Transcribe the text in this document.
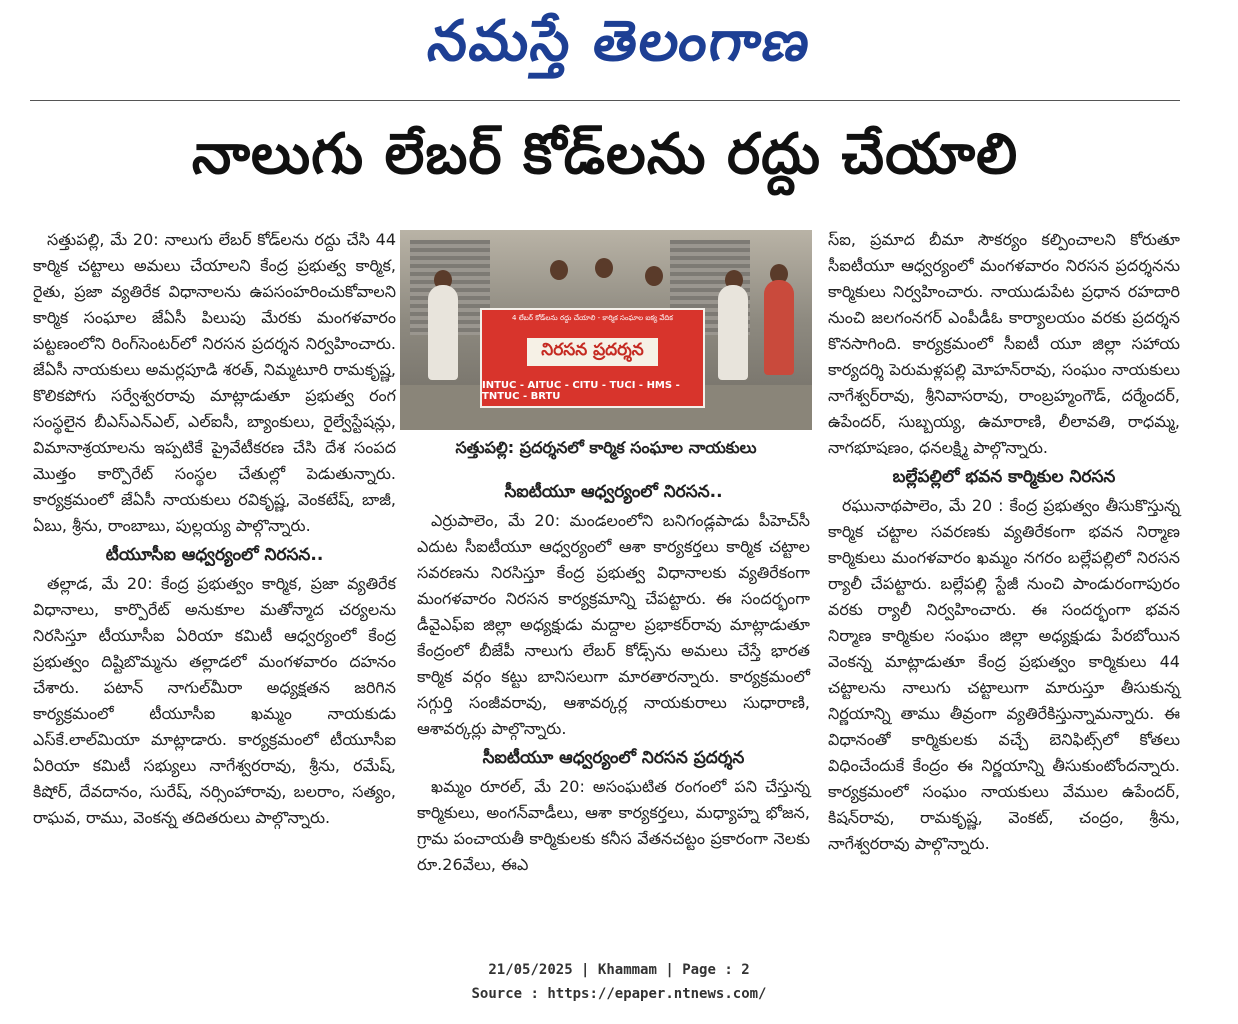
నమస్తే తెలంగాణ
నాలుగు లేబర్ కోడ్‌లను రద్దు చేయాలి

సత్తుపల్లి, మే 20: నాలుగు లేబర్ కోడ్‌లను రద్దు చేసి 44 కార్మిక చట్టాలు అమలు చేయాలని కేంద్ర ప్రభుత్వ కార్మిక, రైతు, ప్రజా వ్యతిరేక విధానాలను ఉపసంహరించుకోవాలని కార్మిక సంఘాల జేఏసీ పిలుపు మేరకు మంగళవారం పట్టణంలోని రింగ్‌సెంటర్‌లో నిరసన ప్రదర్శన నిర్వహించారు. జేఏసీ నాయకులు అమర్లపూడి శరత్, నిమ్మటూరి రామకృష్ణ, కొలికపోగు సర్వేశ్వరరావు మాట్లాడుతూ ప్రభుత్వ రంగ సంస్థలైన బీఎస్ఎన్ఎల్, ఎల్ఐసీ, బ్యాంకులు, రైల్వేస్టేషన్లు, విమానాశ్రయాలను ఇప్పటికే ప్రైవేటీకరణ చేసి దేశ సంపద మొత్తం కార్పొరేట్ సంస్థల చేతుల్లో పెడుతున్నారు. కార్యక్రమంలో జేఏసీ నాయకులు రవికృష్ణ, వెంకటేష్, బాజీ, ఏబు, శ్రీను, రాంబాబు, పుల్లయ్య పాల్గొన్నారు.

టీయూసీఐ ఆధ్వర్యంలో నిరసన..

తల్లాడ, మే 20: కేంద్ర ప్రభుత్వం కార్మిక, ప్రజా వ్యతిరేక విధానాలు, కార్పొరేట్ అనుకూల మతోన్మాద చర్యలను నిరసిస్తూ టీయూసీఐ ఏరియా కమిటీ ఆధ్వర్యంలో కేంద్ర ప్రభుత్వం దిష్టిబొమ్మను తల్లాడలో మంగళవారం దహనం చేశారు. పటాన్ నాగుల్‌మీరా అధ్యక్షతన జరిగిన కార్యక్రమంలో టీయూసీఐ ఖమ్మం నాయకుడు ఎస్‌కే.లాల్‌మియా మాట్లాడారు. కార్యక్రమంలో టీయూసీఐ ఏరియా కమిటీ సభ్యులు నాగేశ్వరరావు, శ్రీను, రమేష్, కిషోర్, దేవదానం, సురేష్, నర్సింహారావు, బలరాం, సత్యం, రాఘవ, రాము, వెంకన్న తదితరులు పాల్గొన్నారు.

4 లేబర్ కోడ్‌లను రద్దు చేయాలి - కార్మిక సంఘాల ఐక్య వేదిక
నిరసన ప్రదర్శన
INTUC - AITUC - CITU - TUCI - HMS - TNTUC - BRTU
సత్తుపల్లి: ప్రదర్శనలో కార్మిక సంఘాల నాయకులు

సీఐటీయూ ఆధ్వర్యంలో నిరసన..

ఎర్రుపాలెం, మే 20: మండలంలోని బనిగండ్లపాడు పీహెచ్‌సీ ఎదుట సీఐటీయూ ఆధ్వర్యంలో ఆశా కార్యకర్తలు కార్మిక చట్టాల సవరణను నిరసిస్తూ కేంద్ర ప్రభుత్వ విధానాలకు వ్యతిరేకంగా మంగళవారం నిరసన కార్యక్రమాన్ని చేపట్టారు. ఈ సందర్భంగా డీవైఎఫ్ఐ జిల్లా అధ్యక్షుడు మద్దాల ప్రభాకర్‌రావు మాట్లాడుతూ కేంద్రంలో బీజేపీ నాలుగు లేబర్ కోడ్స్‌ను అమలు చేస్తే భారత కార్మిక వర్గం కట్టు బానిసలుగా మారతారన్నారు. కార్యక్రమంలో సగ్గుర్తి సంజీవరావు, ఆశావర్కర్ల నాయకురాలు సుధారాణి, ఆశావర్కర్లు పాల్గొన్నారు.

సీఐటీయూ ఆధ్వర్యంలో నిరసన ప్రదర్శన

ఖమ్మం రూరల్, మే 20: అసంఘటిత రంగంలో పని చేస్తున్న కార్మికులు, అంగన్‌వాడీలు, ఆశా కార్యకర్తలు, మధ్యాహ్న భోజన, గ్రామ పంచాయతీ కార్మికులకు కనీస వేతనచట్టం ప్రకారంగా నెలకు రూ.26వేలు, ఈఎ

స్ఐ, ప్రమాద బీమా సౌకర్యం కల్పించాలని కోరుతూ సీఐటీయూ ఆధ్వర్యంలో మంగళవారం నిరసన ప్రదర్శనను కార్మికులు నిర్వహించారు. నాయుడుపేట ప్రధాన రహదారి నుంచి జలగంనగర్ ఎంపీడీఓ కార్యాలయం వరకు ప్రదర్శన కొనసాగింది. కార్యక్రమంలో సీఐటీ యూ జిల్లా సహాయ కార్యదర్శి పెరుమళ్లపల్లి మోహన్‌రావు, సంఘం నాయకులు నాగేశ్వర్‌రావు, శ్రీనివాసరావు, రాంబ్రహ్మంగౌడ్, దర్మేందర్, ఉపేందర్, సుబ్బయ్య, ఉమారాణి, లీలావతి, రాధమ్మ, నాగభూషణం, ధనలక్ష్మి పాల్గొన్నారు.

బల్లేపల్లిలో భవన కార్మికుల నిరసన

రఘునాథపాలెం, మే 20 : కేంద్ర ప్రభుత్వం తీసుకొస్తున్న కార్మిక చట్టాల సవరణకు వ్యతిరేకంగా భవన నిర్మాణ కార్మికులు మంగళవారం ఖమ్మం నగరం బల్లేపల్లిలో నిరసన ర్యాలీ చేపట్టారు. బల్లేపల్లి స్టేజీ నుంచి పాండురంగాపురం వరకు ర్యాలీ నిర్వహించారు. ఈ సందర్భంగా భవన నిర్మాణ కార్మికుల సంఘం జిల్లా అధ్యక్షుడు పేరబోయిన వెంకన్న మాట్లాడుతూ కేంద్ర ప్రభుత్వం కార్మికులు 44 చట్టాలను నాలుగు చట్టాలుగా మారుస్తూ తీసుకున్న నిర్ణయాన్ని తాము తీవ్రంగా వ్యతిరేకిస్తున్నామన్నారు. ఈ విధానంతో కార్మికులకు వచ్చే బెనిఫిట్స్‌లో కోతలు విధించేందుకే కేంద్రం ఈ నిర్ణయాన్ని తీసుకుంటోందన్నారు. కార్యక్రమంలో సంఘం నాయకులు వేముల ఉపేందర్, కిషన్‌రావు, రామకృష్ణ, వెంకట్, చంద్రం, శ్రీను, నాగేశ్వరరావు పాల్గొన్నారు.

21/05/2025 | Khammam | Page : 2
Source : https://epaper.ntnews.com/
